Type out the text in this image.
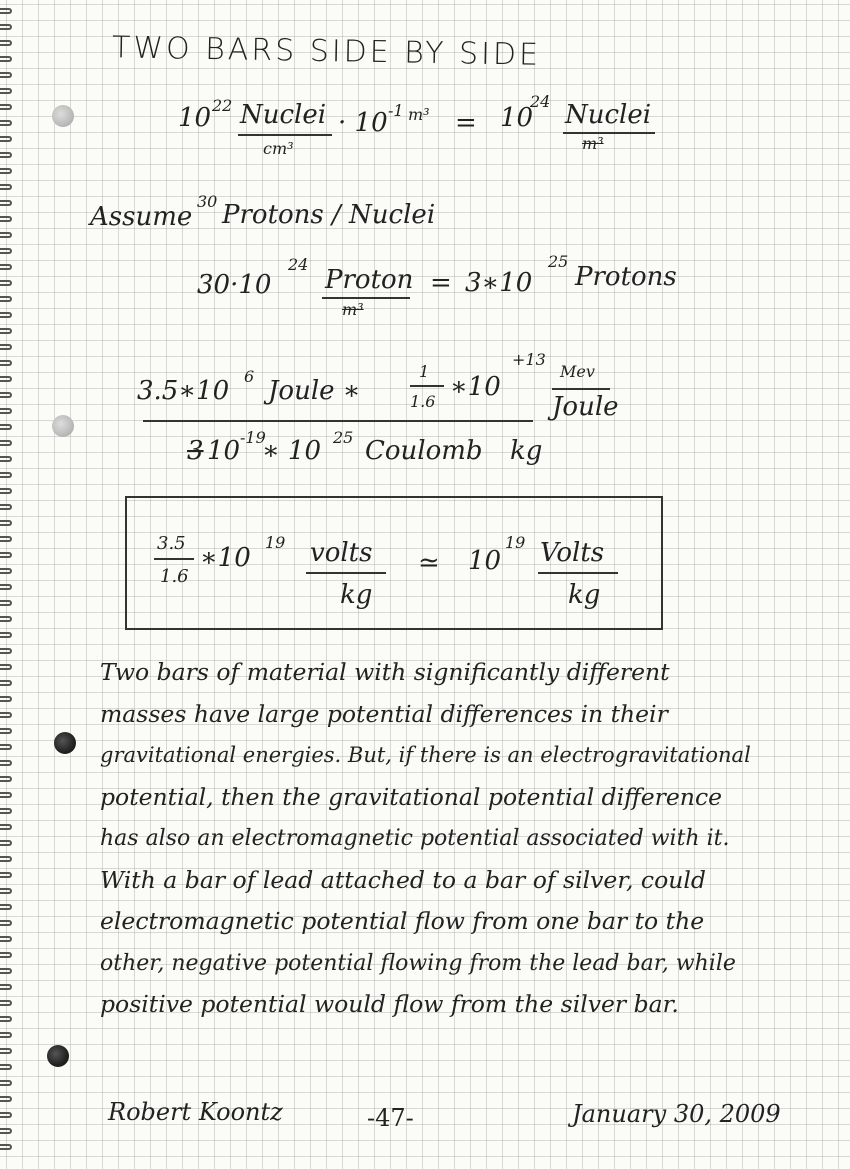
TWO BARS SIDE BY SIDE
10 22 Nuclei
cm³
· 10 -1 m³ = 10
24 Nuclei
m³
Assume
30 Protons / Nuclei
30·10
24
Proton
m³
= 3∗10
25
Protons
3.5∗10 6 Joule ∗
1
1.6 ∗10
+13
Mev
Joule
3 10 -19
∗ 10 25 Coulomb kg
3.5
1.6
∗10
19 volts
kg
≃ 10
19 Volts
kg
Two bars of material with significantly different
masses have large potential differences in their
gravitational energies. But, if there is an electrogravitational
potential, then the gravitational potential difference
has also an electromagnetic potential associated with it.
With a bar of lead attached to a bar of silver, could
electromagnetic potential flow from one bar to the
other, negative potential flowing from the lead bar, while
positive potential would flow from the silver bar.
Robert Koontz	-47-	January 30, 2009
